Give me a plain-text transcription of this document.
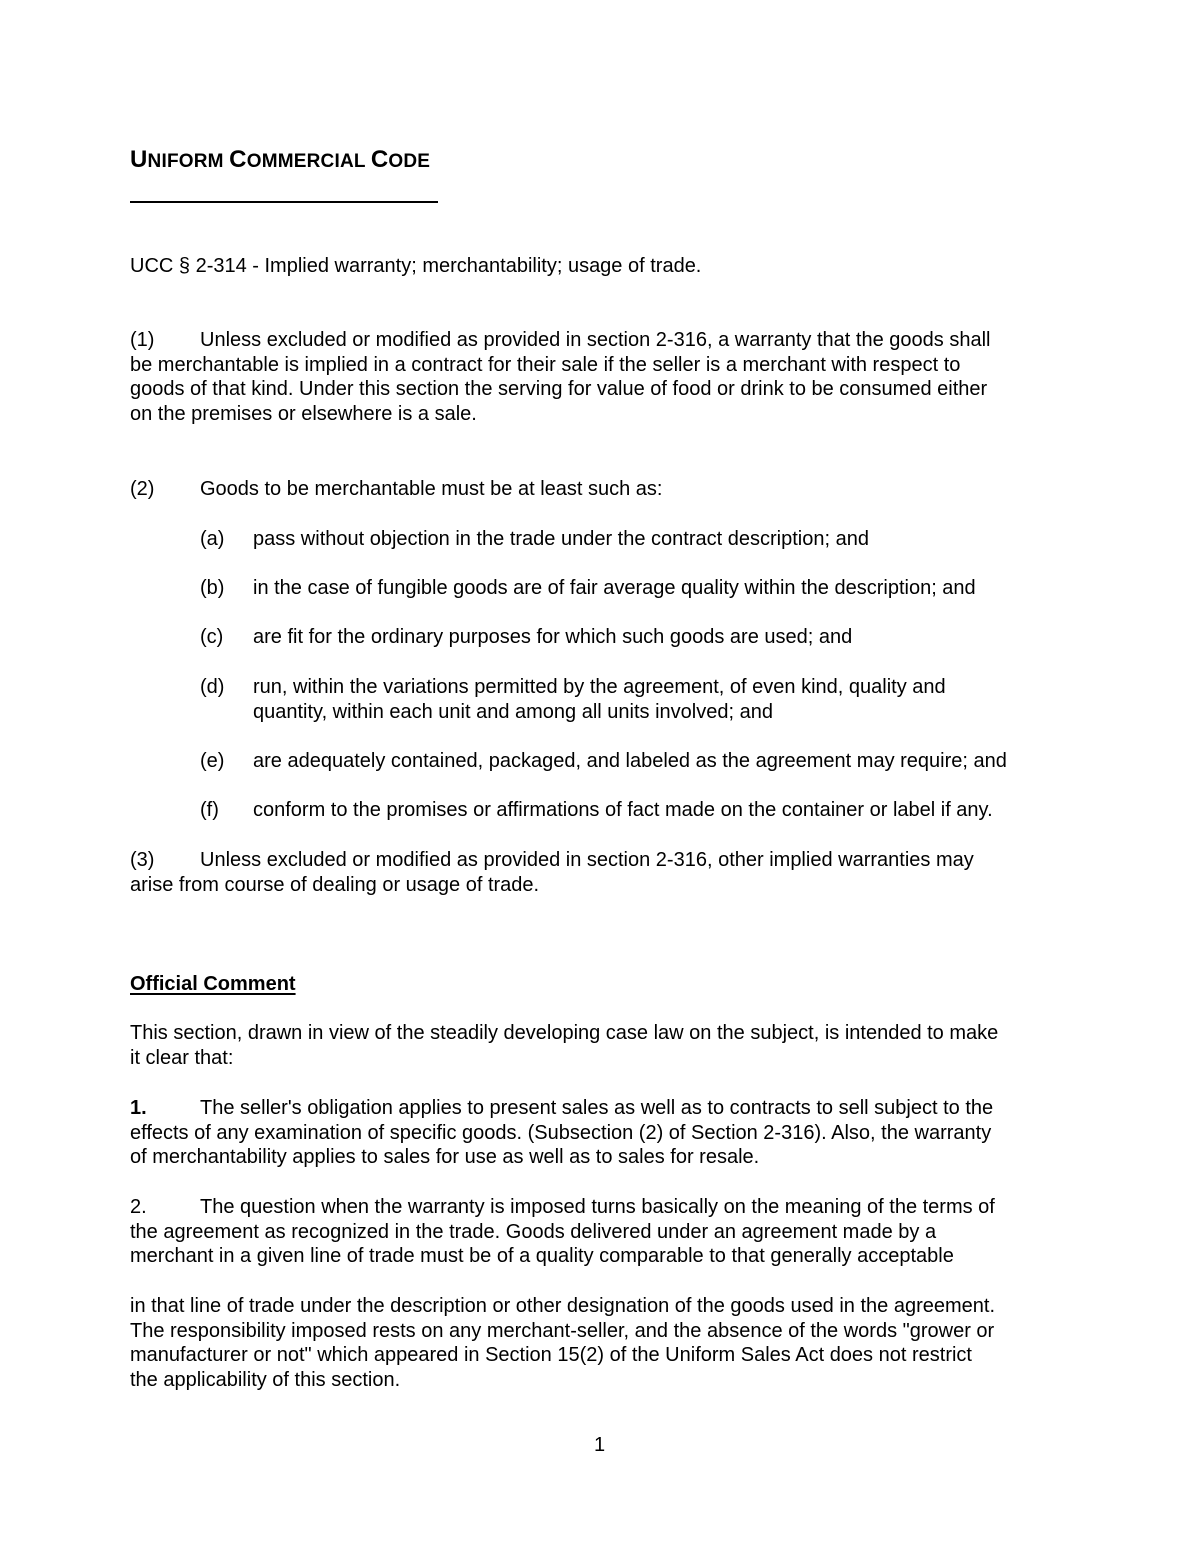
UNIFORM COMMERCIAL CODE
UCC § 2-314 - Implied warranty; merchantability; usage of trade.
(1) Unless excluded or modified as provided in section 2-316, a warranty that the goods shall
be merchantable is implied in a contract for their sale if the seller is a merchant with respect to
goods of that kind. Under this section the serving for value of food or drink to be consumed either
on the premises or elsewhere is a sale.
(2) Goods to be merchantable must be at least such as:
(a) pass without objection in the trade under the contract description; and
(b) in the case of fungible goods are of fair average quality within the description; and
(c) are fit for the ordinary purposes for which such goods are used; and
(d) run, within the variations permitted by the agreement, of even kind, quality and
quantity, within each unit and among all units involved; and
(e) are adequately contained, packaged, and labeled as the agreement may require; and
(f) conform to the promises or affirmations of fact made on the container or label if any.
(3) Unless excluded or modified as provided in section 2-316, other implied warranties may
arise from course of dealing or usage of trade.
Official Comment
This section, drawn in view of the steadily developing case law on the subject, is intended to make
it clear that:
1.	The seller's obligation applies to present sales as well as to contracts to sell subject to the
effects of any examination of specific goods. (Subsection (2) of Section 2-316). Also, the warranty
of merchantability applies to sales for use as well as to sales for resale.
2.	The question when the warranty is imposed turns basically on the meaning of the terms of
the agreement as recognized in the trade. Goods delivered under an agreement made by a
merchant in a given line of trade must be of a quality comparable to that generally acceptable
in that line of trade under the description or other designation of the goods used in the agreement.
The responsibility imposed rests on any merchant-seller, and the absence of the words "grower or
manufacturer or not" which appeared in Section 15(2) of the Uniform Sales Act does not restrict
the applicability of this section.
1
